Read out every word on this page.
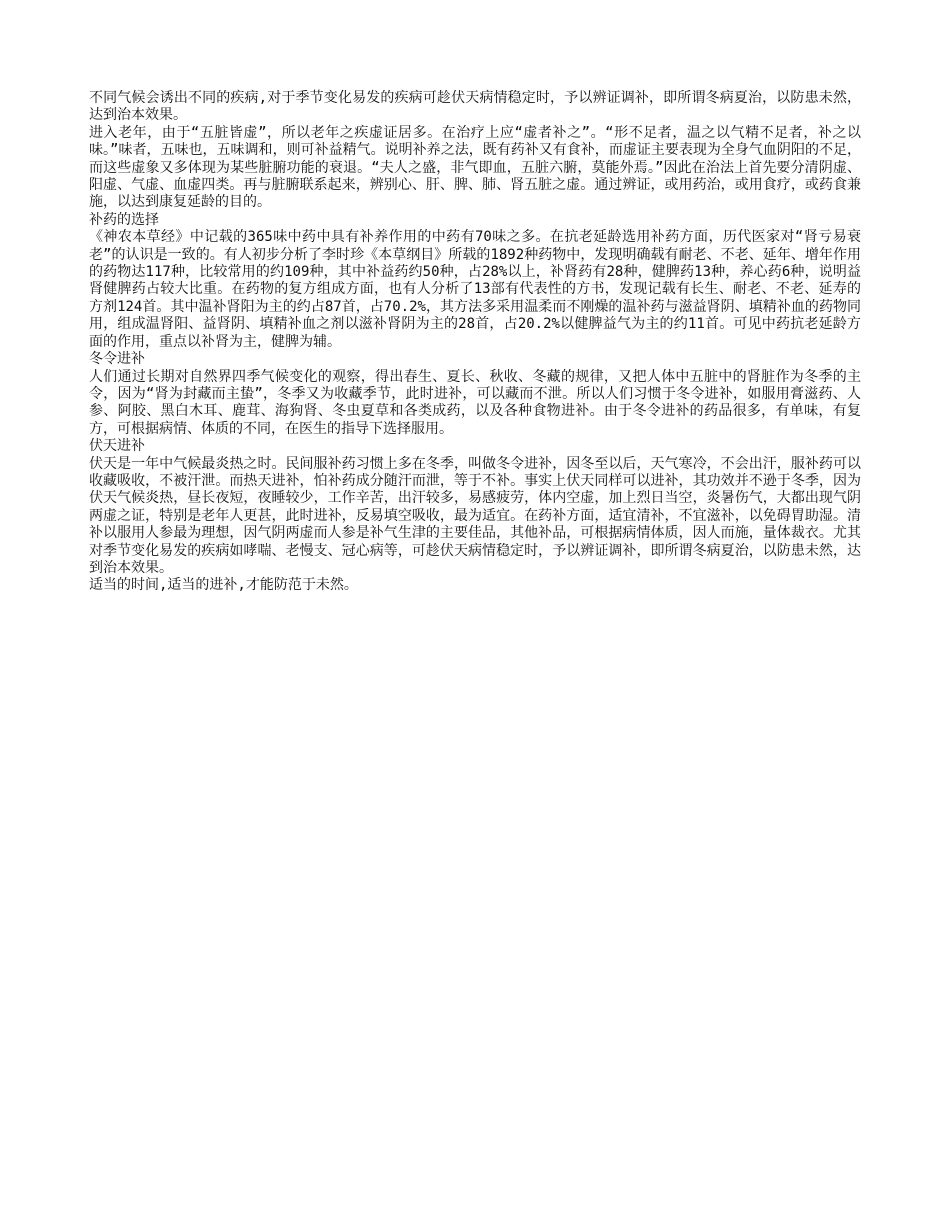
不同气候会诱出不同的疾病,对于季节变化易发的疾病可趁伏天病情稳定时，予以辨证调补，即所谓冬病夏治，以防患未然，达到治本效果。

进入老年，由于“五脏皆虚”，所以老年之疾虚证居多。在治疗上应“虚者补之”。“形不足者，温之以气精不足者，补之以味。”味者，五味也，五味调和，则可补益精气。说明补养之法，既有药补又有食补，而虚证主要表现为全身气血阴阳的不足，而这些虚象又多体现为某些脏腑功能的衰退。“夫人之盛，非气即血，五脏六腑，莫能外焉。”因此在治法上首先要分清阴虚、阳虚、气虚、血虚四类。再与脏腑联系起来，辨别心、肝、脾、肺、肾五脏之虚。通过辨证，或用药治，或用食疗，或药食兼施，以达到康复延龄的目的。

补药的选择

《神农本草经》中记载的365味中药中具有补养作用的中药有70味之多。在抗老延龄选用补药方面，历代医家对“肾亏易衰老”的认识是一致的。有人初步分析了李时珍《本草纲目》所载的1892种药物中，发现明确载有耐老、不老、延年、增年作用的药物达117种，比较常用的约109种，其中补益药约50种，占28%以上，补肾药有28种，健脾药13种，养心药6种，说明益肾健脾药占较大比重。在药物的复方组成方面，也有人分析了13部有代表性的方书，发现记载有长生、耐老、不老、延寿的方剂124首。其中温补肾阳为主的约占87首，占70.2%，其方法多采用温柔而不刚燥的温补药与滋益肾阴、填精补血的药物同用，组成温肾阳、益肾阴、填精补血之剂以滋补肾阴为主的28首，占20.2%以健脾益气为主的约11首。可见中药抗老延龄方面的作用，重点以补肾为主，健脾为辅。

冬令进补

人们通过长期对自然界四季气候变化的观察，得出春生、夏长、秋收、冬藏的规律，又把人体中五脏中的肾脏作为冬季的主令，因为“肾为封藏而主蛰”，冬季又为收藏季节，此时进补，可以藏而不泄。所以人们习惯于冬令进补，如服用膏滋药、人参、阿胶、黑白木耳、鹿茸、海狗肾、冬虫夏草和各类成药，以及各种食物进补。由于冬令进补的药品很多，有单味，有复方，可根据病情、体质的不同，在医生的指导下选择服用。

伏天进补

伏天是一年中气候最炎热之时。民间服补药习惯上多在冬季，叫做冬令进补，因冬至以后，天气寒冷，不会出汗，服补药可以收藏吸收，不被汗泄。而热天进补，怕补药成分随汗而泄，等于不补。事实上伏天同样可以进补，其功效并不逊于冬季，因为伏天气候炎热，昼长夜短，夜睡较少，工作辛苦，出汗较多，易感疲劳，体内空虚，加上烈日当空，炎暑伤气，大都出现气阴两虚之证，特别是老年人更甚，此时进补，反易填空吸收，最为适宜。在药补方面，适宜清补，不宜滋补，以免碍胃助湿。清补以服用人参最为理想，因气阴两虚而人参是补气生津的主要佳品，其他补品，可根据病情体质，因人而施，量体裁衣。尤其对季节变化易发的疾病如哮喘、老慢支、冠心病等，可趁伏天病情稳定时，予以辨证调补，即所谓冬病夏治，以防患未然，达到治本效果。

适当的时间,适当的进补,才能防范于未然。
